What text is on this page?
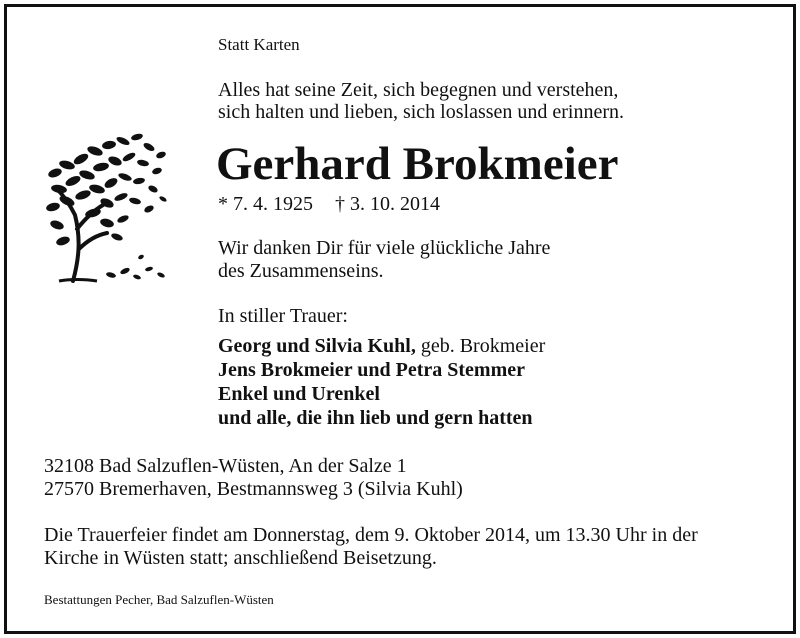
Statt Karten
Alles hat seine Zeit, sich begegnen und verstehen,
sich halten und lieben, sich loslassen und erinnern.
Gerhard Brokmeier
* 7. 4. 1925 † 3. 10. 2014
Wir danken Dir für viele glückliche Jahre
des Zusammenseins.
In stiller Trauer:
Georg und Silvia Kuhl, geb. Brokmeier
Jens Brokmeier und Petra Stemmer
Enkel und Urenkel
und alle, die ihn lieb und gern hatten
32108 Bad Salzuflen-Wüsten, An der Salze 1
27570 Bremerhaven, Bestmannsweg 3 (Silvia Kuhl)
Die Trauerfeier findet am Donnerstag, dem 9. Oktober 2014, um 13.30 Uhr in der
Kirche in Wüsten statt; anschließend Beisetzung.
Bestattungen Pecher, Bad Salzuflen-Wüsten
